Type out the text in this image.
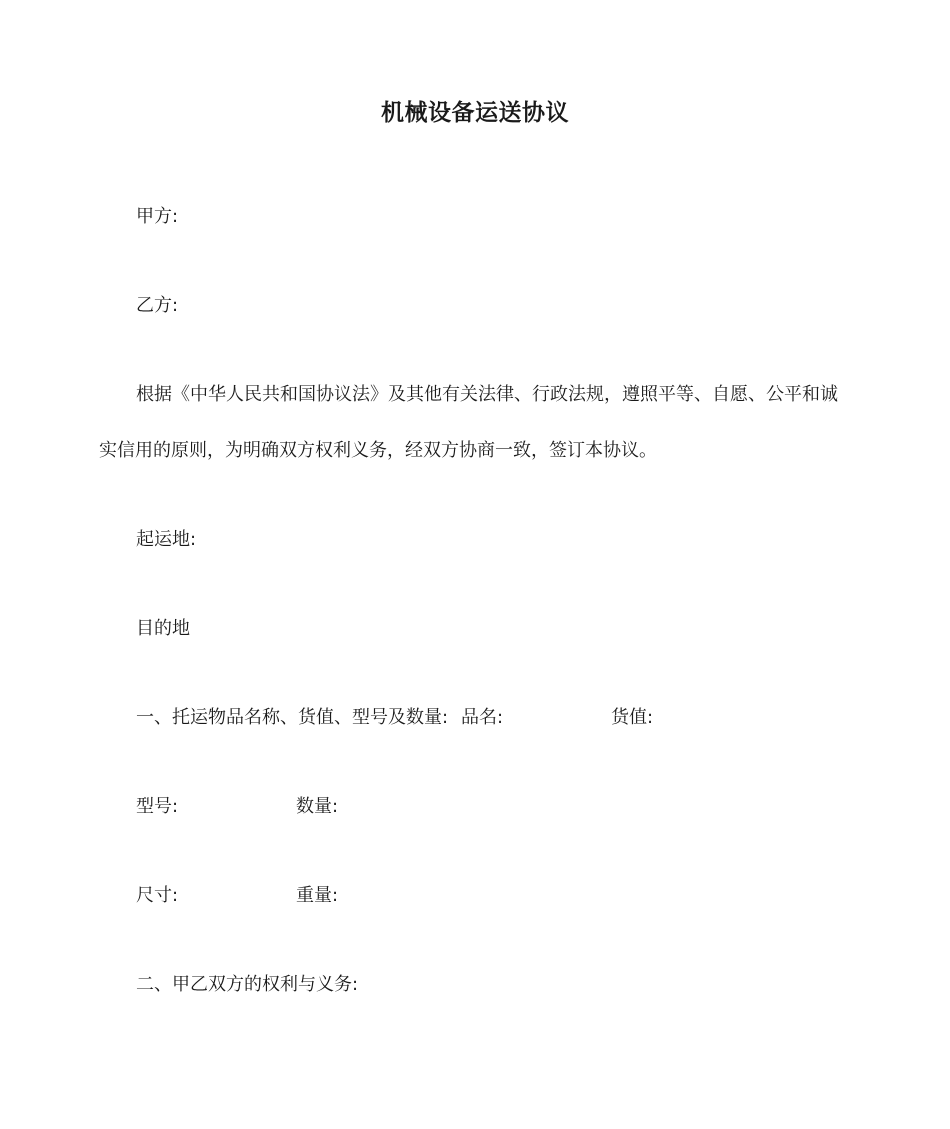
机械设备运送协议
甲方:
乙方:
根据《中华人民共和国协议法》及其他有关法律、行政法规，遵照平等、自愿、公平和诚
实信用的原则，为明确双方权利义务，经双方协商一致，签订本协议。
起运地:
目的地
一、托运物品名称、货值、型号及数量: 品名:	货值:
型号:	数量:
尺寸:	重量:
二、甲乙双方的权利与义务:
